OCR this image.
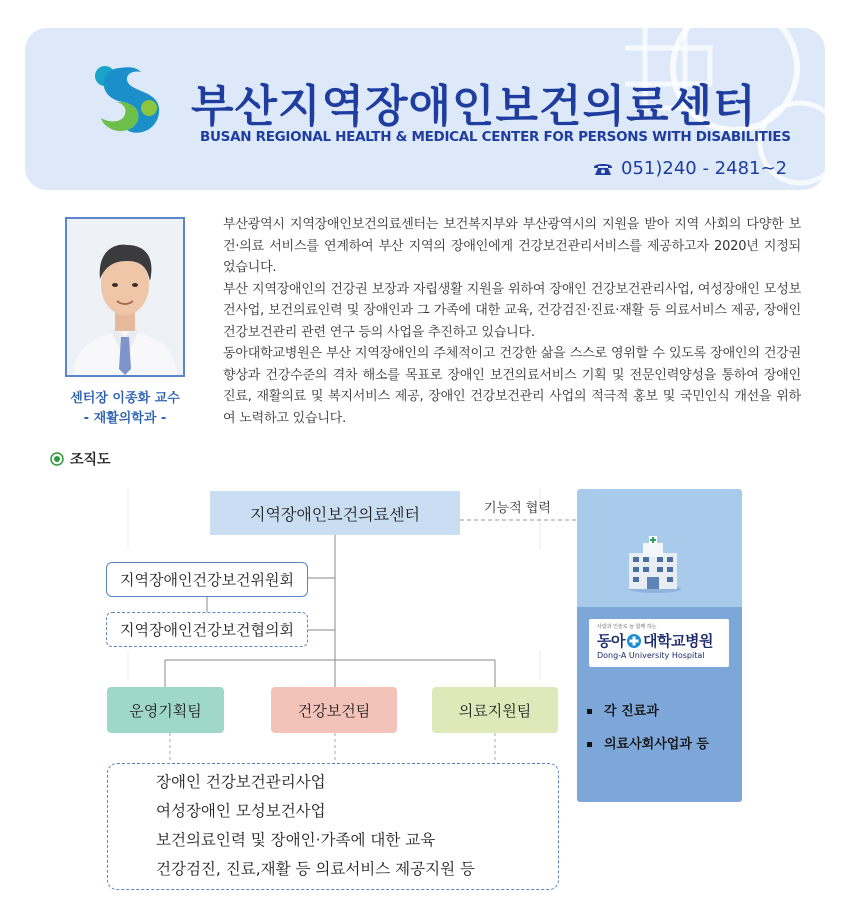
부산지역장애인보건의료센터
BUSAN REGIONAL HEALTH & MEDICAL CENTER FOR PERSONS WITH DISABILITIES
051)240 - 2481~2
센터장 이종화 교수
- 재활의학과 -

부산광역시 지역장애인보건의료센터는 보건복지부와 부산광역시의 지원을 받아 지역 사회의 다양한 보건·의료 서비스를 연계하여 부산 지역의 장애인에게 건강보건관리서비스를 제공하고자 2020년 지정되었습니다.

부산 지역장애인의 건강권 보장과 자립생활 지원을 위하여 장애인 건강보건관리사업, 여성장애인 모성보건사업, 보건의료인력 및 장애인과 그 가족에 대한 교육, 건강검진·진료·재활 등 의료서비스 제공, 장애인 건강보건관리 관련 연구 등의 사업을 추진하고 있습니다.

동아대학교병원은 부산 지역장애인의 주체적이고 건강한 삶을 스스로 영위할 수 있도록 장애인의 건강권 향상과 건강수준의 격차 해소를 목표로 장애인 보건의료서비스 기획 및 전문인력양성을 통하여 장애인 진료, 재활의료 및 복지서비스 제공, 장애인 건강보건관리 사업의 적극적 홍보 및 국민인식 개선을 위하여 노력하고 있습니다.

조직도
지역장애인보건의료센터	기능적 협력
지역장애인건강보건위원회
지역장애인건강보건협의회
운영기획팀	건강보건팀	의료지원팀
장애인 건강보건관리사업
여성장애인 모성보건사업
보건의료인력 및 장애인·가족에 대한 교육
건강검진, 진료,재활 등 의료서비스 제공지원 등
사람과 인술로 늘 함께 하는
동아 대학교병원
Dong-A University Hospital
각 진료과
의료사회사업과 등
